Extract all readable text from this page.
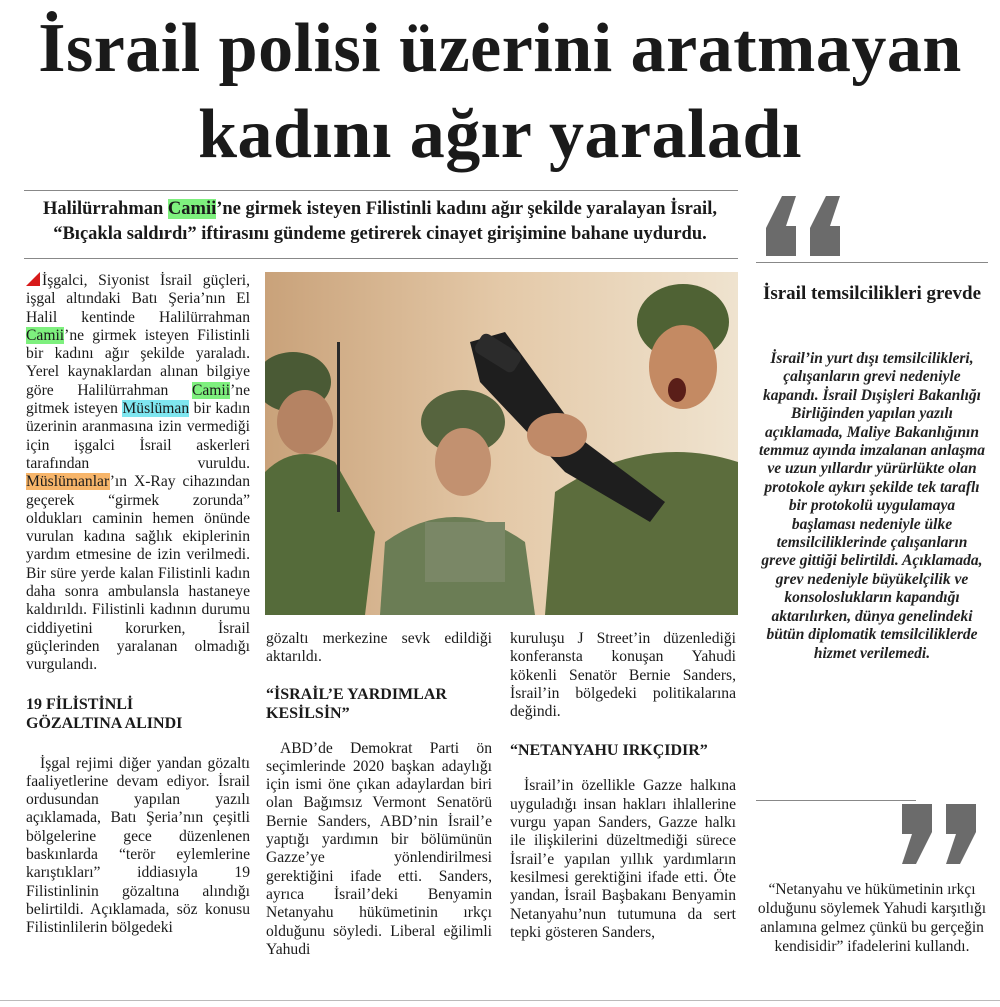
İsrail polisi üzerini aratmayan
kadını ağır yaraladı
Halilürrahman Camii’ne girmek isteyen Filistinli kadını ağır şekilde yaralayan İsrail,
“Bıçakla saldırdı” iftirasını gündeme getirerek cinayet girişimine bahane uydurdu.

İşgalci, Siyonist İsrail güçleri, işgal altındaki Batı Şeria’nın El Halil kentinde Halilürrahman Camii’ne girmek isteyen Filistinli bir kadını ağır şekilde yaraladı. Yerel kaynaklardan alınan bilgiye göre Halilürrahman Camii’ne gitmek isteyen Müslüman bir kadın üzerinin aranmasına izin vermediği için işgalci İsrail askerleri tarafından vuruldu. Müslümanlar’ın X-Ray cihazından geçerek “girmek zorunda” oldukları caminin hemen önünde vurulan kadına sağlık ekiplerinin yardım etmesine de izin verilmedi. Bir süre yerde kalan Filistinli kadın daha sonra ambulansla hastaneye kaldırıldı. Filistinli kadının durumu ciddiyetini korurken, İsrail güçlerinden yaralanan olmadığı vurgulandı.

19 FİLİSTİNLİ
GÖZALTINA ALINDI

İşgal rejimi diğer yandan gözaltı faaliyetlerine devam ediyor. İsrail ordusundan yapılan yazılı açıklamada, Batı Şeria’nın çeşitli bölgelerine gece düzenlenen baskınlarda “terör eylemlerine karıştıkları” iddiasıyla 19 Filistinlinin gözaltına alındığı belirtildi. Açıklamada, söz konusu Filistinlilerin bölgedeki

gözaltı merkezine sevk edildiği aktarıldı.

“İSRAİL’E YARDIMLAR
KESİLSİN”

ABD’de Demokrat Parti ön seçimlerinde 2020 başkan adaylığı için ismi öne çıkan adaylardan biri olan Bağımsız Vermont Senatörü Bernie Sanders, ABD’nin İsrail’e yaptığı yardımın bir bölümünün Gazze’ye yönlendirilmesi gerektiğini ifade etti. Sanders, ayrıca İsrail’deki Benyamin Netanyahu hükümetinin ırkçı olduğunu söyledi. Liberal eğilimli Yahudi

kuruluşu J Street’in düzenlediği konferansta konuşan Yahudi kökenli Senatör Bernie Sanders, İsrail’in bölgedeki politikalarına değindi.

“NETANYAHU IRKÇIDIR”

İsrail’in özellikle Gazze halkına uyguladığı insan hakları ihlallerine vurgu yapan Sanders, Gazze halkı ile ilişkilerini düzeltmediği sürece İsrail’e yapılan yıllık yardımların kesilmesi gerektiğini ifade etti. Öte yandan, İsrail Başbakanı Benyamin Netanyahu’nun tutumuna da sert tepki gösteren Sanders,

İsrail temsilcilikleri grevde
İsrail’in yurt dışı temsilcilikleri, çalışanların grevi nedeniyle kapandı. İsrail Dışişleri Bakanlığı Birliğinden yapılan yazılı açıklamada, Maliye Bakanlığının temmuz ayında imzalanan anlaşma ve uzun yıllardır yürürlükte olan protokole aykırı şekilde tek taraflı bir protokolü uygulamaya başlaması nedeniyle ülke temsilciliklerinde çalışanların greve gittiği belirtildi. Açıklamada, grev nedeniyle büyükelçilik ve konsoloslukların kapandığı aktarılırken, dünya genelindeki bütün diplomatik temsilciliklerde hizmet verilemedi.
“Netanyahu ve hükümetinin ırkçı olduğunu söylemek Yahudi karşıtlığı anlamına gelmez çünkü bu gerçeğin kendisidir” ifadelerini kullandı.
